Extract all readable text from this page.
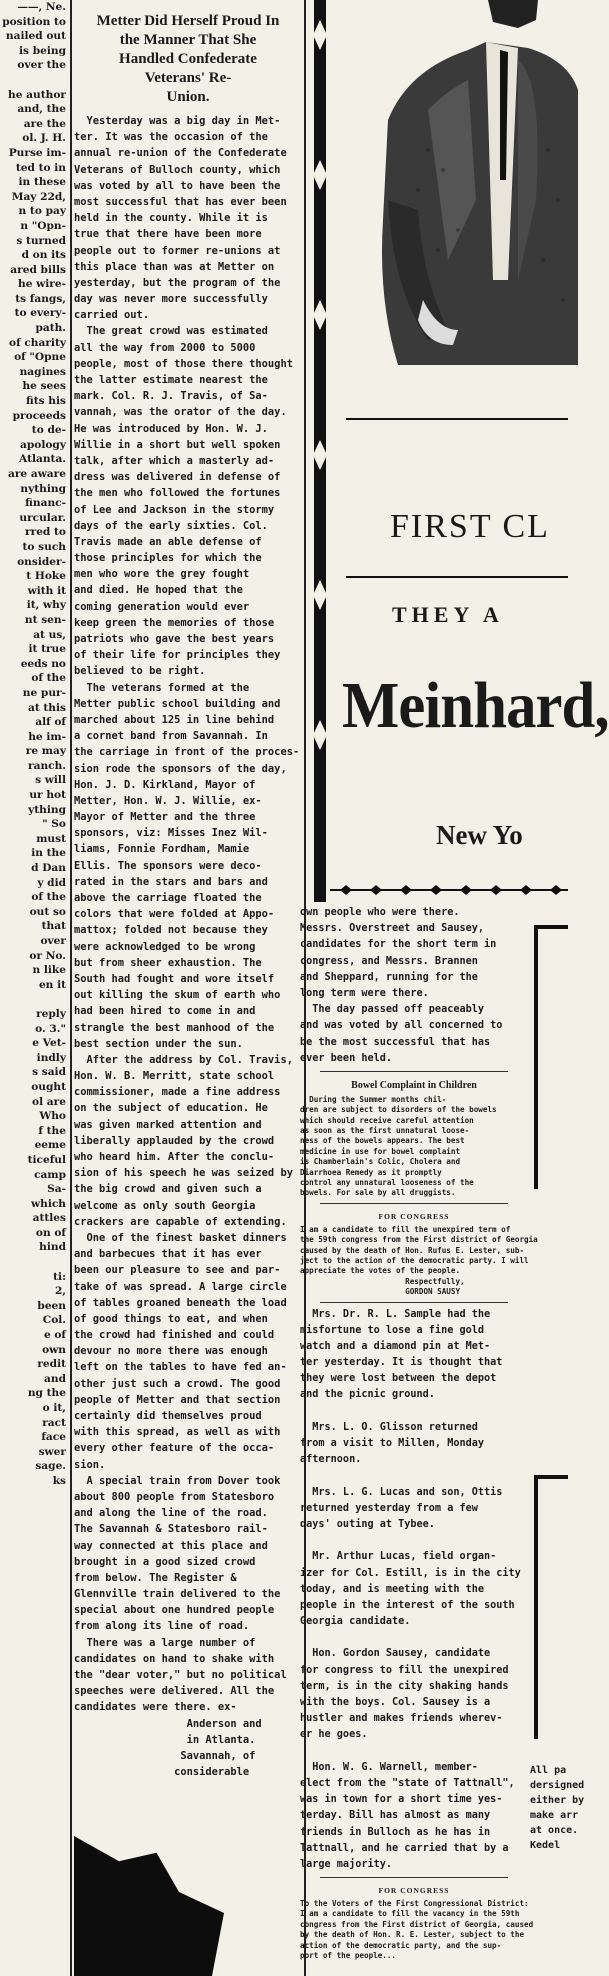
——, Ne.
position to
nailed out
is being
over the
he author
and, the
are the
ol. J. H.
Purse im-
ted to in
in these
May 22d,
n to pay
n "Opn-
s turned
d on its
ared bills
he wire-
ts fangs,
to every-
path.
of charity
of "Opne
nagines
he sees
fits his
proceeds
to de-
apology
Atlanta.
are aware
nything
financ-
urcular.
rred to
to such
onsider-
t Hoke
with it
it, why
nt sen-
at us,
it true
eeds no
of the
ne pur-
at this
alf of
he im-
re may
ranch.
s will
ur hot
ything
" So
must
in the
d Dan
y did
of the
out so
that
over
or No.
n like
en it
reply
o. 3."
e Vet-
indly
s said
ought
ol are
Who
f the
eeme
ticeful
camp
Sa-
which
attles
on of
hind
ti:
2,
been
Col.
e of
own
redit
and
ng the
o it,
ract
face
swer
sage.
ks
Metter Did Herself Proud In
the Manner That She
Handled Confederate
Veterans' Re-
Union.
Yesterday was a big day in Met-
ter. It was the occasion of the
annual re-union of the Confederate
Veterans of Bulloch county, which
was voted by all to have been the
most successful that has ever been
held in the county. While it is
true that there have been more
people out to former re-unions at
this place than was at Metter on
yesterday, but the program of the
day was never more successfully
carried out.
The great crowd was estimated
all the way from 2000 to 5000
people, most of those there thought
the latter estimate nearest the
mark. Col. R. J. Travis, of Sa-
vannah, was the orator of the day.
He was introduced by Hon. W. J.
Willie in a short but well spoken
talk, after which a masterly ad-
dress was delivered in defense of
the men who followed the fortunes
of Lee and Jackson in the stormy
days of the early sixties. Col.
Travis made an able defense of
those principles for which the
men who wore the grey fought
and died. He hoped that the
coming generation would ever
keep green the memories of those
patriots who gave the best years
of their life for principles they
believed to be right.
The veterans formed at the
Metter public school building and
marched about 125 in line behind
a cornet band from Savannah. In
the carriage in front of the proces-
sion rode the sponsors of the day,
Hon. J. D. Kirkland, Mayor of
Metter, Hon. W. J. Willie, ex-
Mayor of Metter and the three
sponsors, viz: Misses Inez Wil-
liams, Fonnie Fordham, Mamie
Ellis. The sponsors were deco-
rated in the stars and bars and
above the carriage floated the
colors that were folded at Appo-
mattox; folded not because they
were acknowledged to be wrong
but from sheer exhaustion. The
South had fought and wore itself
out killing the skum of earth who
had been hired to come in and
strangle the best manhood of the
best section under the sun.
After the address by Col. Travis,
Hon. W. B. Merritt, state school
commissioner, made a fine address
on the subject of education. He
was given marked attention and
liberally applauded by the crowd
who heard him. After the conclu-
sion of his speech he was seized by
the big crowd and given such a
welcome as only south Georgia
crackers are capable of extending.
One of the finest basket dinners
and barbecues that it has ever
been our pleasure to see and par-
take of was spread. A large circle
of tables groaned beneath the load
of good things to eat, and when
the crowd had finished and could
devour no more there was enough
left on the tables to have fed an-
other just such a crowd. The good
people of Metter and that section
certainly did themselves proud
with this spread, as well as with
every other feature of the occa-
sion.
A special train from Dover took
about 800 people from Statesboro
and along the line of the road.
The Savannah & Statesboro rail-
way connected at this place and
brought in a good sized crowd
from below. The Register &
Glennville train delivered to the
special about one hundred people
from along its line of road.
There was a large number of
candidates on hand to shake with
the "dear voter," but no political
speeches were delivered. All the
candidates were there. ex-
Anderson and
in Atlanta.
Savannah, of
considerable
FIRST CL
THEY A
Meinhard,
New Yo
own people who were there.
Messrs. Overstreet and Sausey,
candidates for the short term in
congress, and Messrs. Brannen
and Sheppard, running for the
long term were there.
The day passed off peaceably
and was voted by all concerned to
be the most successful that has
ever been held.
Bowel Complaint in Children
During the Summer months chil-
dren are subject to disorders of the bowels
which should receive careful attention
as soon as the first unnatural loose-
ness of the bowels appears. The best
medicine in use for bowel complaint
is Chamberlain's Colic, Cholera and
Diarrhoea Remedy as it promptly
control any unnatural looseness of the
bowels. For sale by all druggists.
FOR CONGRESS
I am a candidate to fill the unexpired term of
the 59th congress from the First district of Georgia
caused by the death of Hon. Rufus E. Lester, sub-
ject to the action of the democratic party. I will
appreciate the votes of the people.
Respectfully,
GORDON SAUSY
Mrs. Dr. R. L. Sample had the
misfortune to lose a fine gold
watch and a diamond pin at Met-
ter yesterday. It is thought that
they were lost between the depot
and the picnic ground.
Mrs. L. O. Glisson returned
from a visit to Millen, Monday
afternoon.
Mrs. L. G. Lucas and son, Ottis
returned yesterday from a few
days' outing at Tybee.
Mr. Arthur Lucas, field organ-
izer for Col. Estill, is in the city
today, and is meeting with the
people in the interest of the south
Georgia candidate.
Hon. Gordon Sausey, candidate
for congress to fill the unexpired
term, is in the city shaking hands
with the boys. Col. Sausey is a
hustler and makes friends wherev-
er he goes.
Hon. W. G. Warnell, member-
elect from the "state of Tattnall",
was in town for a short time yes-
terday. Bill has almost as many
friends in Bulloch as he has in
Tattnall, and he carried that by a
large majority.
FOR CONGRESS
To the Voters of the First Congressional District:
I am a candidate to fill the vacancy in the 59th
congress from the First district of Georgia, caused
by the death of Hon. R. E. Lester, subject to the
action of the democratic party, and the sup-
port of the people...
All pa
dersigned
either by
make arr
at once.
Kedel
